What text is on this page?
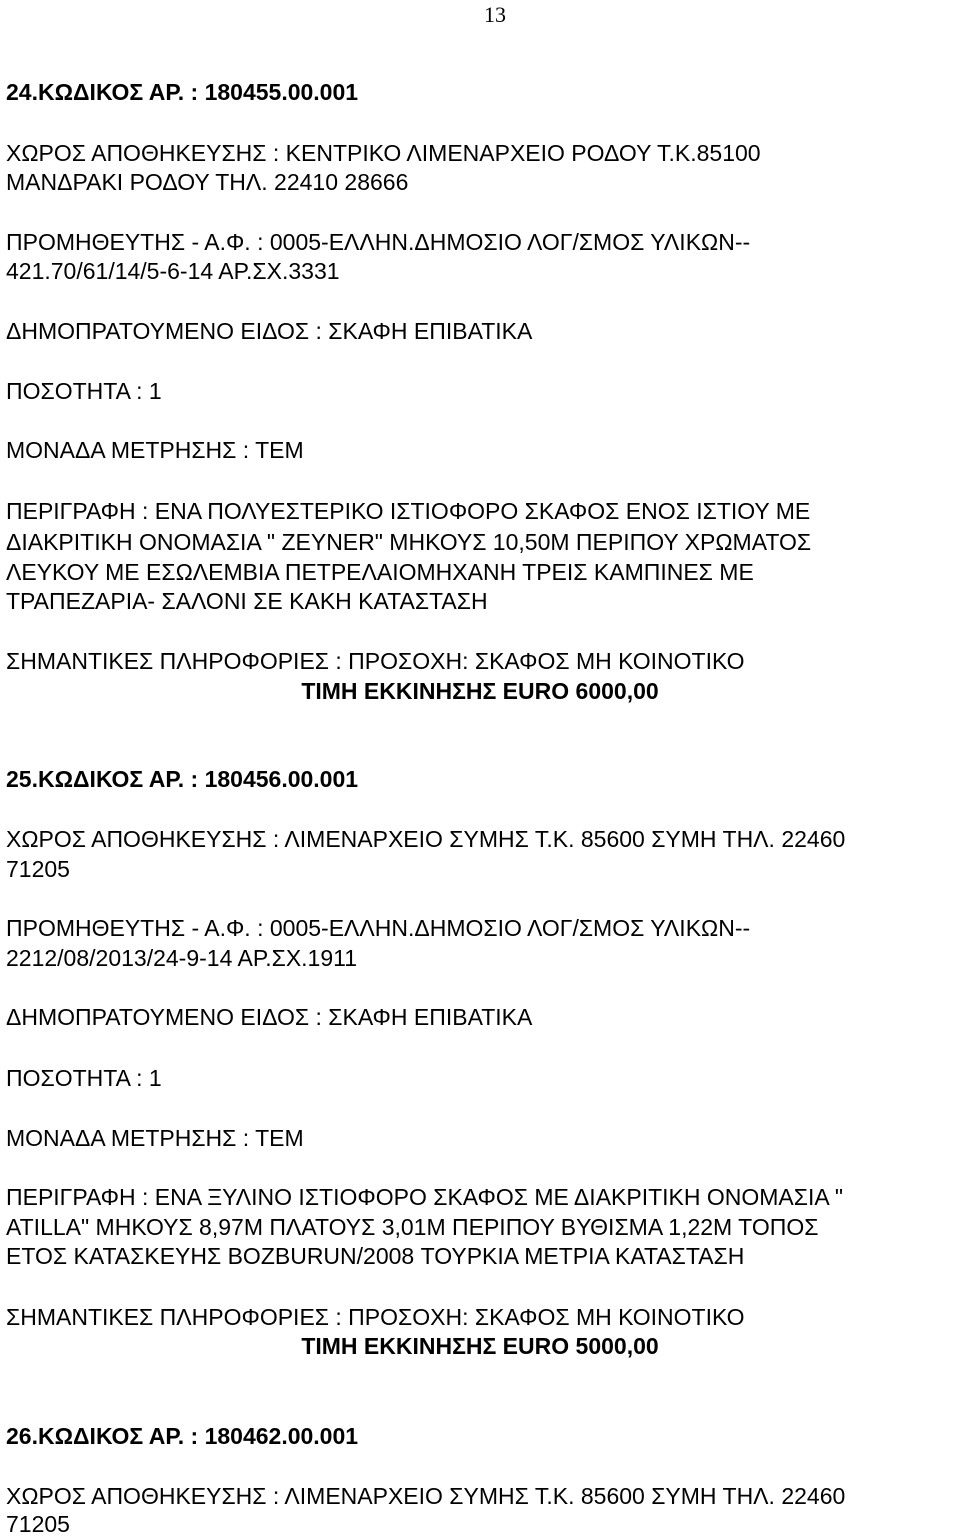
13
24.ΚΩΔΙΚΟΣ ΑΡ. : 180455.00.001
ΧΩΡΟΣ ΑΠΟΘΗΚΕΥΣΗΣ : ΚΕΝΤΡΙΚΟ ΛΙΜΕΝΑΡΧΕΙΟ ΡΟΔΟΥ Τ.Κ.85100
ΜΑΝΔΡΑΚΙ ΡΟΔΟΥ ΤΗΛ. 22410 28666
ΠΡΟΜΗΘΕΥΤΗΣ - Α.Φ. : 0005-ΕΛΛΗΝ.ΔΗΜΟΣΙΟ ΛΟΓ/ΣΜΟΣ ΥΛΙΚΩΝ--
421.70/61/14/5-6-14 ΑΡ.ΣΧ.3331
ΔΗΜΟΠΡΑΤΟΥΜΕΝΟ ΕΙΔΟΣ : ΣΚΑΦΗ ΕΠΙΒΑΤΙΚΑ
ΠΟΣΟΤΗΤΑ : 1
ΜΟΝΑΔΑ ΜΕΤΡΗΣΗΣ : ΤΕΜ
ΠΕΡΙΓΡΑΦΗ : ΕΝΑ ΠΟΛΥΕΣΤΕΡΙΚΟ ΙΣΤΙΟΦΟΡΟ ΣΚΑΦΟΣ ΕΝΟΣ ΙΣΤΙΟΥ ΜΕ
ΔΙΑΚΡΙΤΙΚΗ ΟΝΟΜΑΣΙΑ " ΖΕΥΝΕR" ΜΗΚΟΥΣ 10,50Μ ΠΕΡΙΠΟΥ ΧΡΩΜΑΤΟΣ
ΛΕΥΚΟΥ ΜΕ ΕΣΩΛΕΜΒΙΑ ΠΕΤΡΕΛΑΙΟΜΗΧΑΝΗ ΤΡΕΙΣ ΚΑΜΠΙΝΕΣ ΜΕ
ΤΡΑΠΕΖΑΡΙΑ- ΣΑΛΟΝΙ ΣΕ ΚΑΚΗ ΚΑΤΑΣΤΑΣΗ
ΣΗΜΑΝΤΙΚΕΣ ΠΛΗΡΟΦΟΡΙΕΣ : ΠΡΟΣΟΧΗ: ΣΚΑΦΟΣ ΜΗ ΚΟΙΝΟΤΙΚΟ
ΤΙΜΗ ΕΚΚΙΝΗΣΗΣ EURO 6000,00
25.ΚΩΔΙΚΟΣ ΑΡ. : 180456.00.001
ΧΩΡΟΣ ΑΠΟΘΗΚΕΥΣΗΣ : ΛΙΜΕΝΑΡΧΕΙΟ ΣΥΜΗΣ Τ.Κ. 85600 ΣΥΜΗ ΤΗΛ. 22460
71205
ΠΡΟΜΗΘΕΥΤΗΣ - Α.Φ. : 0005-ΕΛΛΗΝ.ΔΗΜΟΣΙΟ ΛΟΓ/ΣΜΟΣ ΥΛΙΚΩΝ--
2212/08/2013/24-9-14 ΑΡ.ΣΧ.1911
ΔΗΜΟΠΡΑΤΟΥΜΕΝΟ ΕΙΔΟΣ : ΣΚΑΦΗ ΕΠΙΒΑΤΙΚΑ
ΠΟΣΟΤΗΤΑ : 1
ΜΟΝΑΔΑ ΜΕΤΡΗΣΗΣ : ΤΕΜ
ΠΕΡΙΓΡΑΦΗ : ΕΝΑ ΞΥΛΙΝΟ ΙΣΤΙΟΦΟΡΟ ΣΚΑΦΟΣ ΜΕ ΔΙΑΚΡΙΤΙΚΗ ΟΝΟΜΑΣΙΑ "
ATILLA" ΜΗΚΟΥΣ 8,97Μ ΠΛΑΤΟΥΣ 3,01Μ ΠΕΡΙΠΟΥ ΒΥΘΙΣΜΑ 1,22Μ ΤΟΠΟΣ
ΕΤΟΣ ΚΑΤΑΣΚΕΥΗΣ BOZBURUN/2008 ΤΟΥΡΚΙΑ ΜΕΤΡΙΑ ΚΑΤΑΣΤΑΣΗ
ΣΗΜΑΝΤΙΚΕΣ ΠΛΗΡΟΦΟΡΙΕΣ : ΠΡΟΣΟΧΗ: ΣΚΑΦΟΣ ΜΗ ΚΟΙΝΟΤΙΚΟ
ΤΙΜΗ ΕΚΚΙΝΗΣΗΣ EURO 5000,00
26.ΚΩΔΙΚΟΣ ΑΡ. : 180462.00.001
ΧΩΡΟΣ ΑΠΟΘΗΚΕΥΣΗΣ : ΛΙΜΕΝΑΡΧΕΙΟ ΣΥΜΗΣ Τ.Κ. 85600 ΣΥΜΗ ΤΗΛ. 22460
71205
